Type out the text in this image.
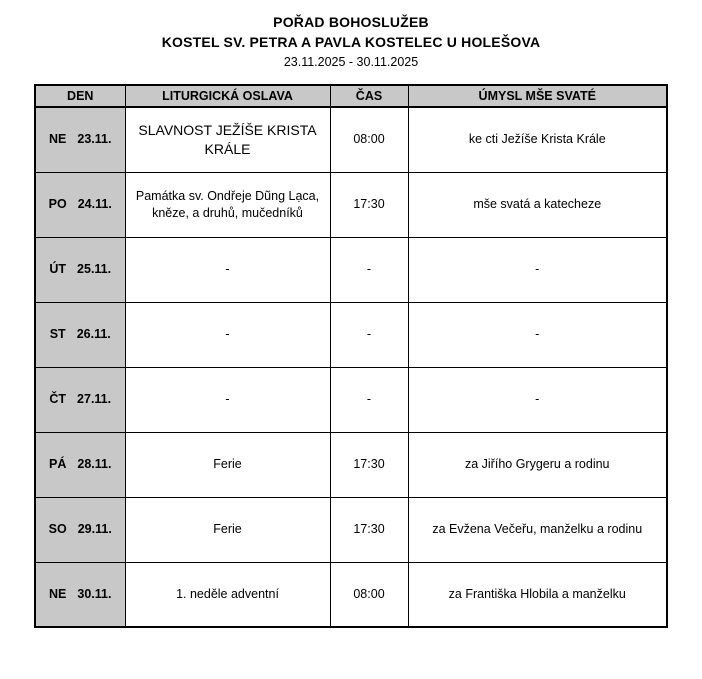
POŘAD BOHOSLUŽEB
KOSTEL SV. PETRA A PAVLA KOSTELEC U HOLEŠOVA
23.11.2025 - 30.11.2025
DEN	LITURGICKÁ OSLAVA	ČAS	ÚMYSL MŠE SVATÉ
NE 23.11.	SLAVNOST JEŽÍŠE KRISTA KRÁLE	08:00	ke cti Ježíše Krista Krále
PO 24.11.	Památka sv. Ondřeje Dũng Lạca, kněze, a druhů, mučedníků	17:30	mše svatá a katecheze
ÚT 25.11.	-	-	-
ST 26.11.	-	-	-
ČT 27.11.	-	-	-
PÁ 28.11.	Ferie	17:30	za Jiřího Grygeru a rodinu
SO 29.11.	Ferie	17:30	za Evžena Večeřu, manželku a rodinu
NE 30.11.	1. neděle adventní	08:00	za Františka Hlobila a manželku
